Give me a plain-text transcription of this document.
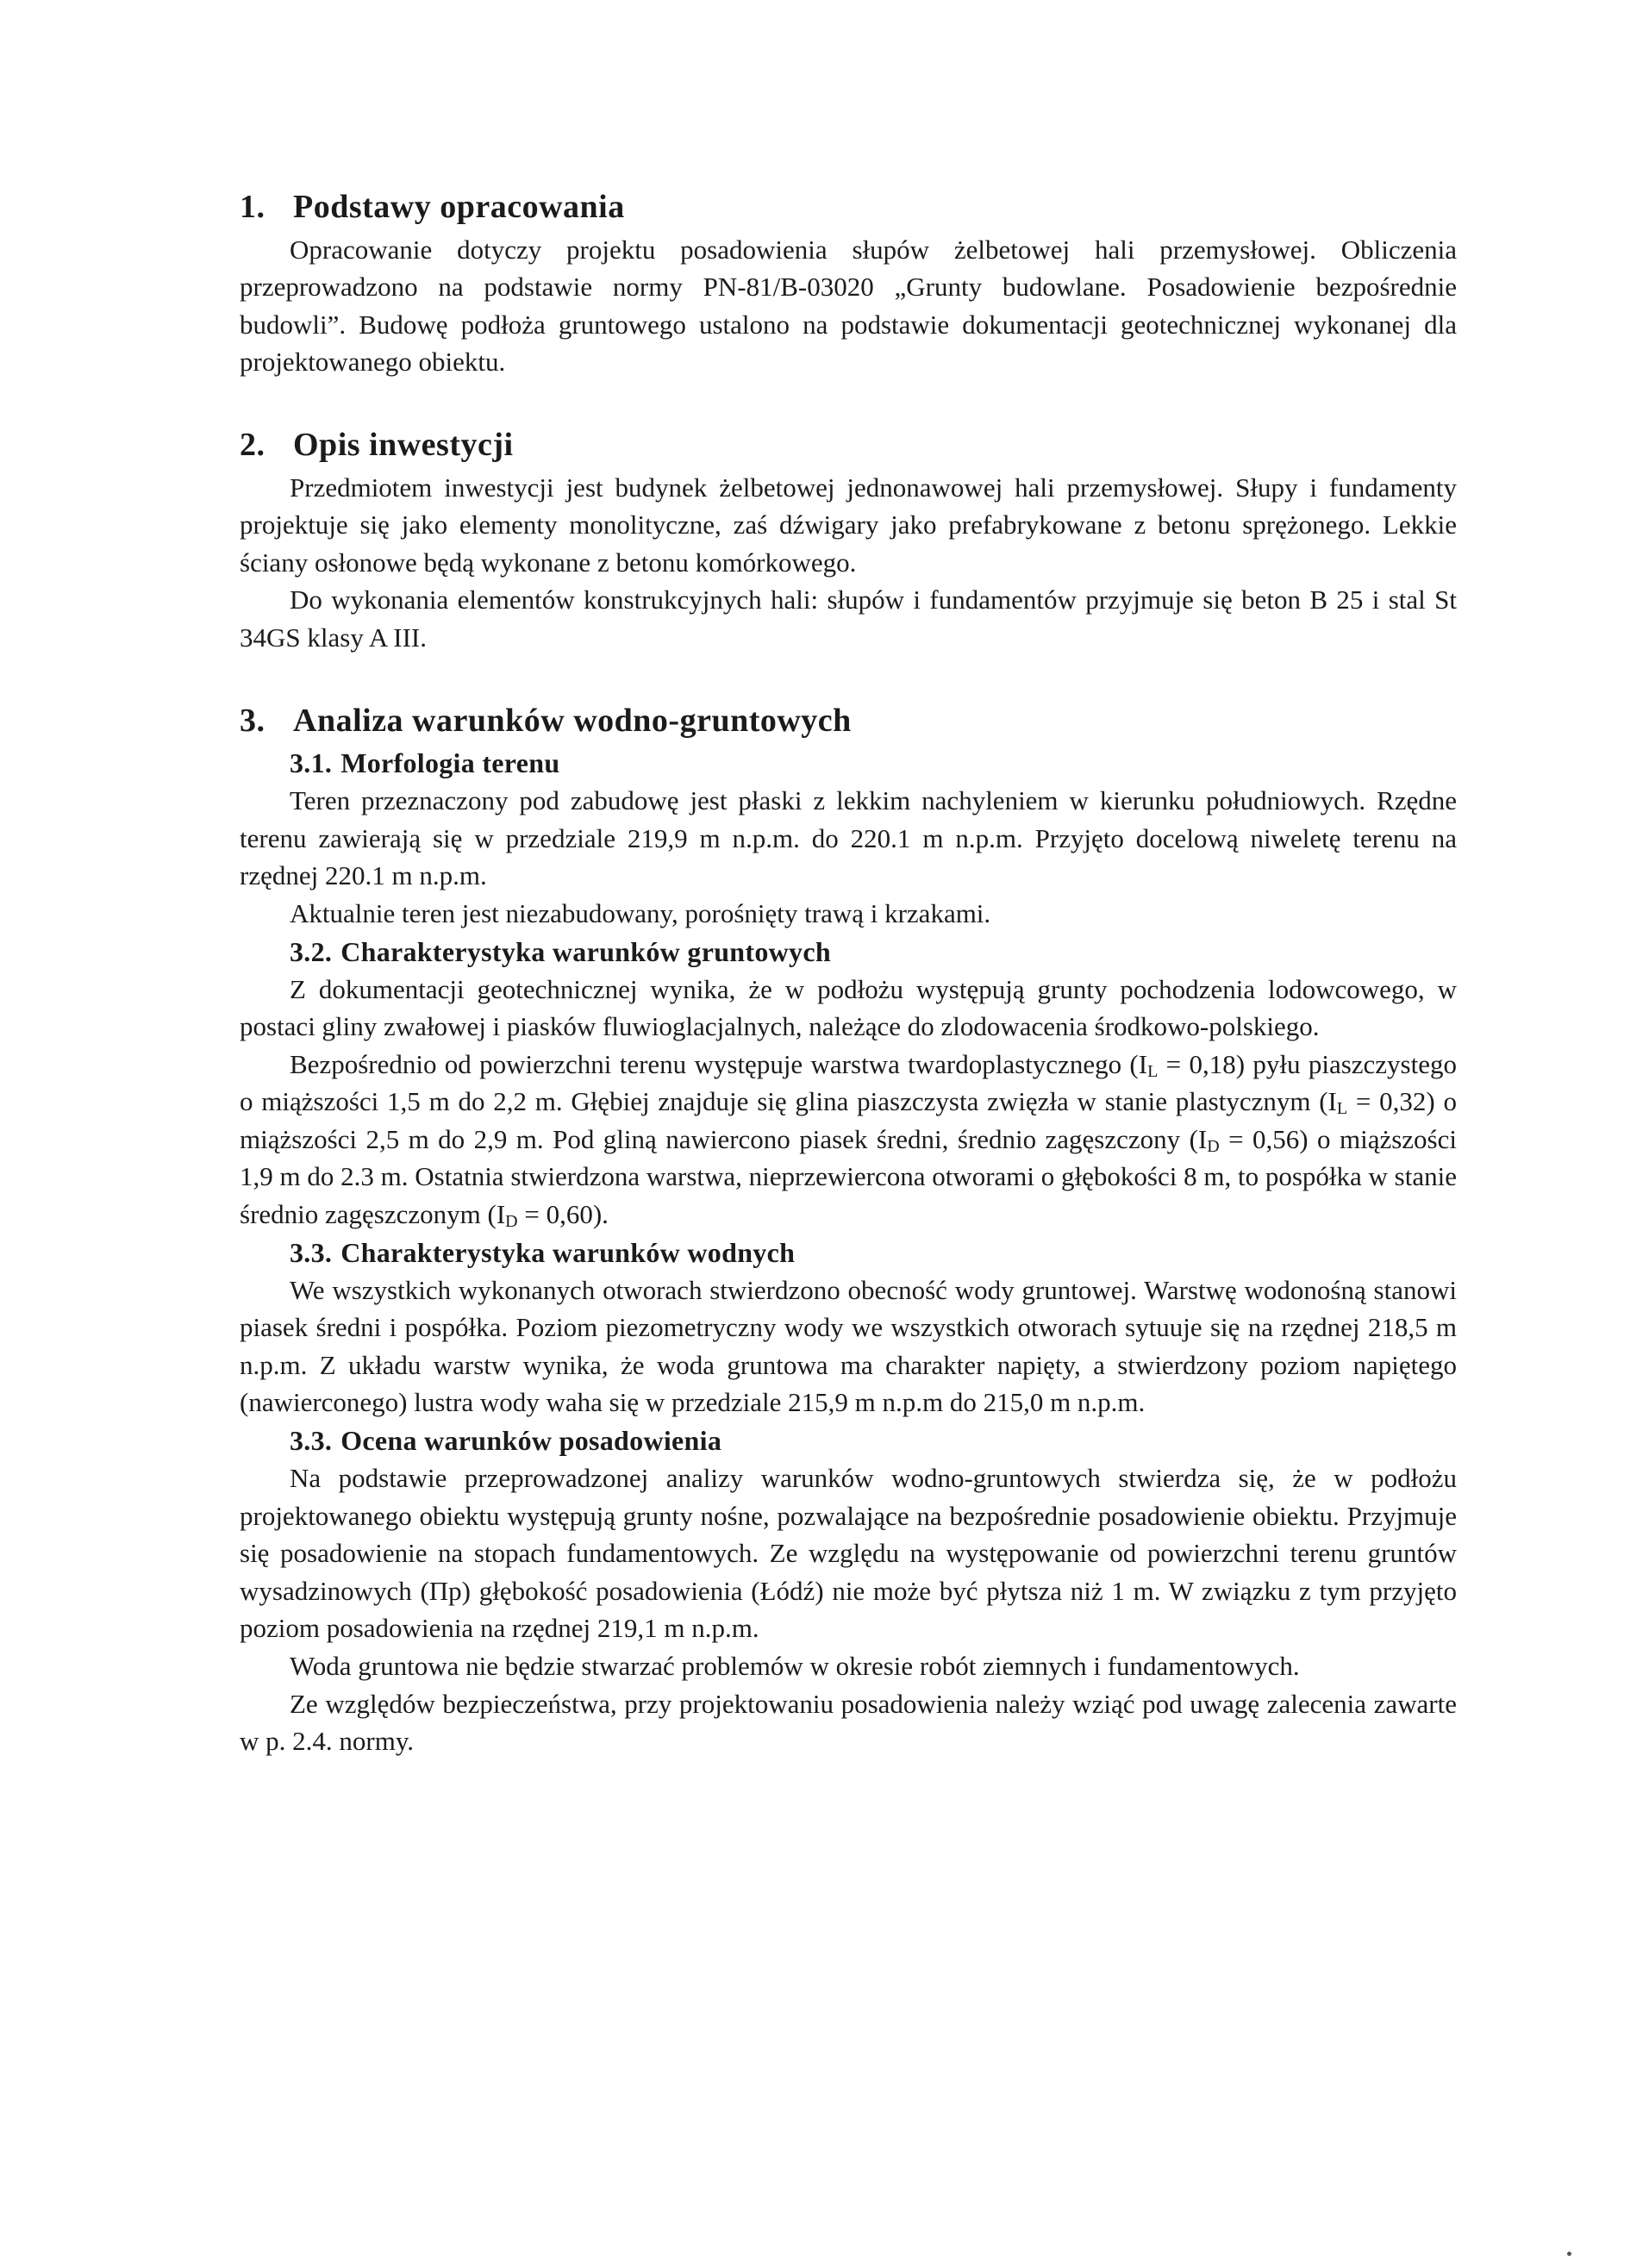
1. Podstawy opracowania

Opracowanie dotyczy projektu posadowienia słupów żelbetowej hali przemysłowej. Obliczenia przeprowadzono na podstawie normy PN-81/B-03020 „Grunty budowlane. Posadowienie bezpośrednie budowli”. Budowę podłoża gruntowego ustalono na podstawie dokumentacji geotechnicznej wykonanej dla projektowanego obiektu.

2. Opis inwestycji

Przedmiotem inwestycji jest budynek żelbetowej jednonawowej hali przemysłowej. Słupy i fundamenty projektuje się jako elementy monolityczne, zaś dźwigary jako prefabrykowane z betonu sprężonego. Lekkie ściany osłonowe będą wykonane z betonu komórkowego.

Do wykonania elementów konstrukcyjnych hali: słupów i fundamentów przyjmuje się beton B 25 i stal St 34GS klasy A III.

3. Analiza warunków wodno-gruntowych
3.1. Morfologia terenu

Teren przeznaczony pod zabudowę jest płaski z lekkim nachyleniem w kierunku południowych. Rzędne terenu zawierają się w przedziale 219,9 m n.p.m. do 220.1 m n.p.m. Przyjęto docelową niweletę terenu na rzędnej 220.1 m n.p.m.

Aktualnie teren jest niezabudowany, porośnięty trawą i krzakami.

3.2. Charakterystyka warunków gruntowych

Z dokumentacji geotechnicznej wynika, że w podłożu występują grunty pochodzenia lodowcowego, w postaci gliny zwałowej i piasków fluwioglacjalnych, należące do zlodowacenia środkowo-polskiego.

Bezpośrednio od powierzchni terenu występuje warstwa twardoplastycznego $(I_L = 0,18)$ pyłu piaszczystego o miąższości 1,5 m do 2,2 m. Głębiej znajduje się glina piaszczysta zwięzła w stanie plastycznym $(I_L = 0,32)$ o miąższości 2,5 m do 2,9 m. Pod gliną nawiercono piasek średni, średnio zagęszczony $(I_D = 0,56)$ o miąższości 1,9 m do 2.3 m. Ostatnia stwierdzona warstwa, nieprzewiercona otworami o głębokości 8 m, to pospółka w stanie średnio zagęszczonym $(I_D = 0,60)$.

3.3. Charakterystyka warunków wodnych

We wszystkich wykonanych otworach stwierdzono obecność wody gruntowej. Warstwę wodonośną stanowi piasek średni i pospółka. Poziom piezometryczny wody we wszystkich otworach sytuuje się na rzędnej 218,5 m n.p.m. Z układu warstw wynika, że woda gruntowa ma charakter napięty, a stwierdzony poziom napiętego (nawierconego) lustra wody waha się w przedziale 215,9 m n.p.m do 215,0 m n.p.m.

3.3. Ocena warunków posadowienia

Na podstawie przeprowadzonej analizy warunków wodno-gruntowych stwierdza się, że w podłożu projektowanego obiektu występują grunty nośne, pozwalające na bezpośrednie posadowienie obiektu. Przyjmuje się posadowienie na stopach fundamentowych. Ze względu na występowanie od powierzchni terenu gruntów wysadzinowych (Пр) głębokość posadowienia (Łódź) nie może być płytsza niż 1 m. W związku z tym przyjęto poziom posadowienia na rzędnej 219,1 m n.p.m.

Woda gruntowa nie będzie stwarzać problemów w okresie robót ziemnych i fundamentowych.

Ze względów bezpieczeństwa, przy projektowaniu posadowienia należy wziąć pod uwagę zalecenia zawarte w p. 2.4. normy.
